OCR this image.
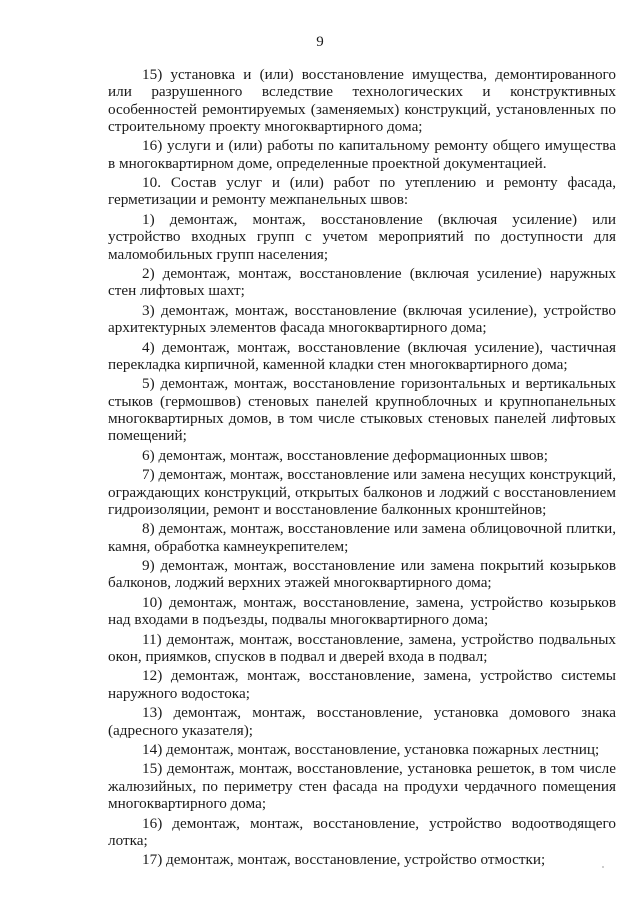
9

15) установка и (или) восстановление имущества, демонтированного или разрушенного вследствие технологических и конструктивных особенностей ремонтируемых (заменяемых) конструкций, установленных по строительному проекту многоквартирного дома;

16) услуги и (или) работы по капитальному ремонту общего имущества в многоквартирном доме, определенные проектной документацией.

10. Состав услуг и (или) работ по утеплению и ремонту фасада, герметизации и ремонту межпанельных швов:

1) демонтаж, монтаж, восстановление (включая усиление) или устройство входных групп с учетом мероприятий по доступности для маломобильных групп населения;

2) демонтаж, монтаж, восстановление (включая усиление) наружных стен лифтовых шахт;

3) демонтаж, монтаж, восстановление (включая усиление), устройство архитектурных элементов фасада многоквартирного дома;

4) демонтаж, монтаж, восстановление (включая усиление), частичная перекладка кирпичной, каменной кладки стен многоквартирного дома;

5) демонтаж, монтаж, восстановление горизонтальных и вертикальных стыков (гермошвов) стеновых панелей крупноблочных и крупнопанельных многоквартирных домов, в том числе стыковых стеновых панелей лифтовых помещений;

6) демонтаж, монтаж, восстановление деформационных швов;

7) демонтаж, монтаж, восстановление или замена несущих конструкций, ограждающих конструкций, открытых балконов и лоджий с восстановлением гидроизоляции, ремонт и восстановление балконных кронштейнов;

8) демонтаж, монтаж, восстановление или замена облицовочной плитки, камня, обработка камнеукрепителем;

9) демонтаж, монтаж, восстановление или замена покрытий козырьков балконов, лоджий верхних этажей многоквартирного дома;

10) демонтаж, монтаж, восстановление, замена, устройство козырьков над входами в подъезды, подвалы многоквартирного дома;

11) демонтаж, монтаж, восстановление, замена, устройство подвальных окон, приямков, спусков в подвал и дверей входа в подвал;

12) демонтаж, монтаж, восстановление, замена, устройство системы наружного водостока;

13) демонтаж, монтаж, восстановление, установка домового знака (адресного указателя);

14) демонтаж, монтаж, восстановление, установка пожарных лестниц;

15) демонтаж, монтаж, восстановление, установка решеток, в том числе жалюзийных, по периметру стен фасада на продухи чердачного помещения многоквартирного дома;

16) демонтаж, монтаж, восстановление, устройство водоотводящего лотка;

17) демонтаж, монтаж, восстановление, устройство отмостки;
